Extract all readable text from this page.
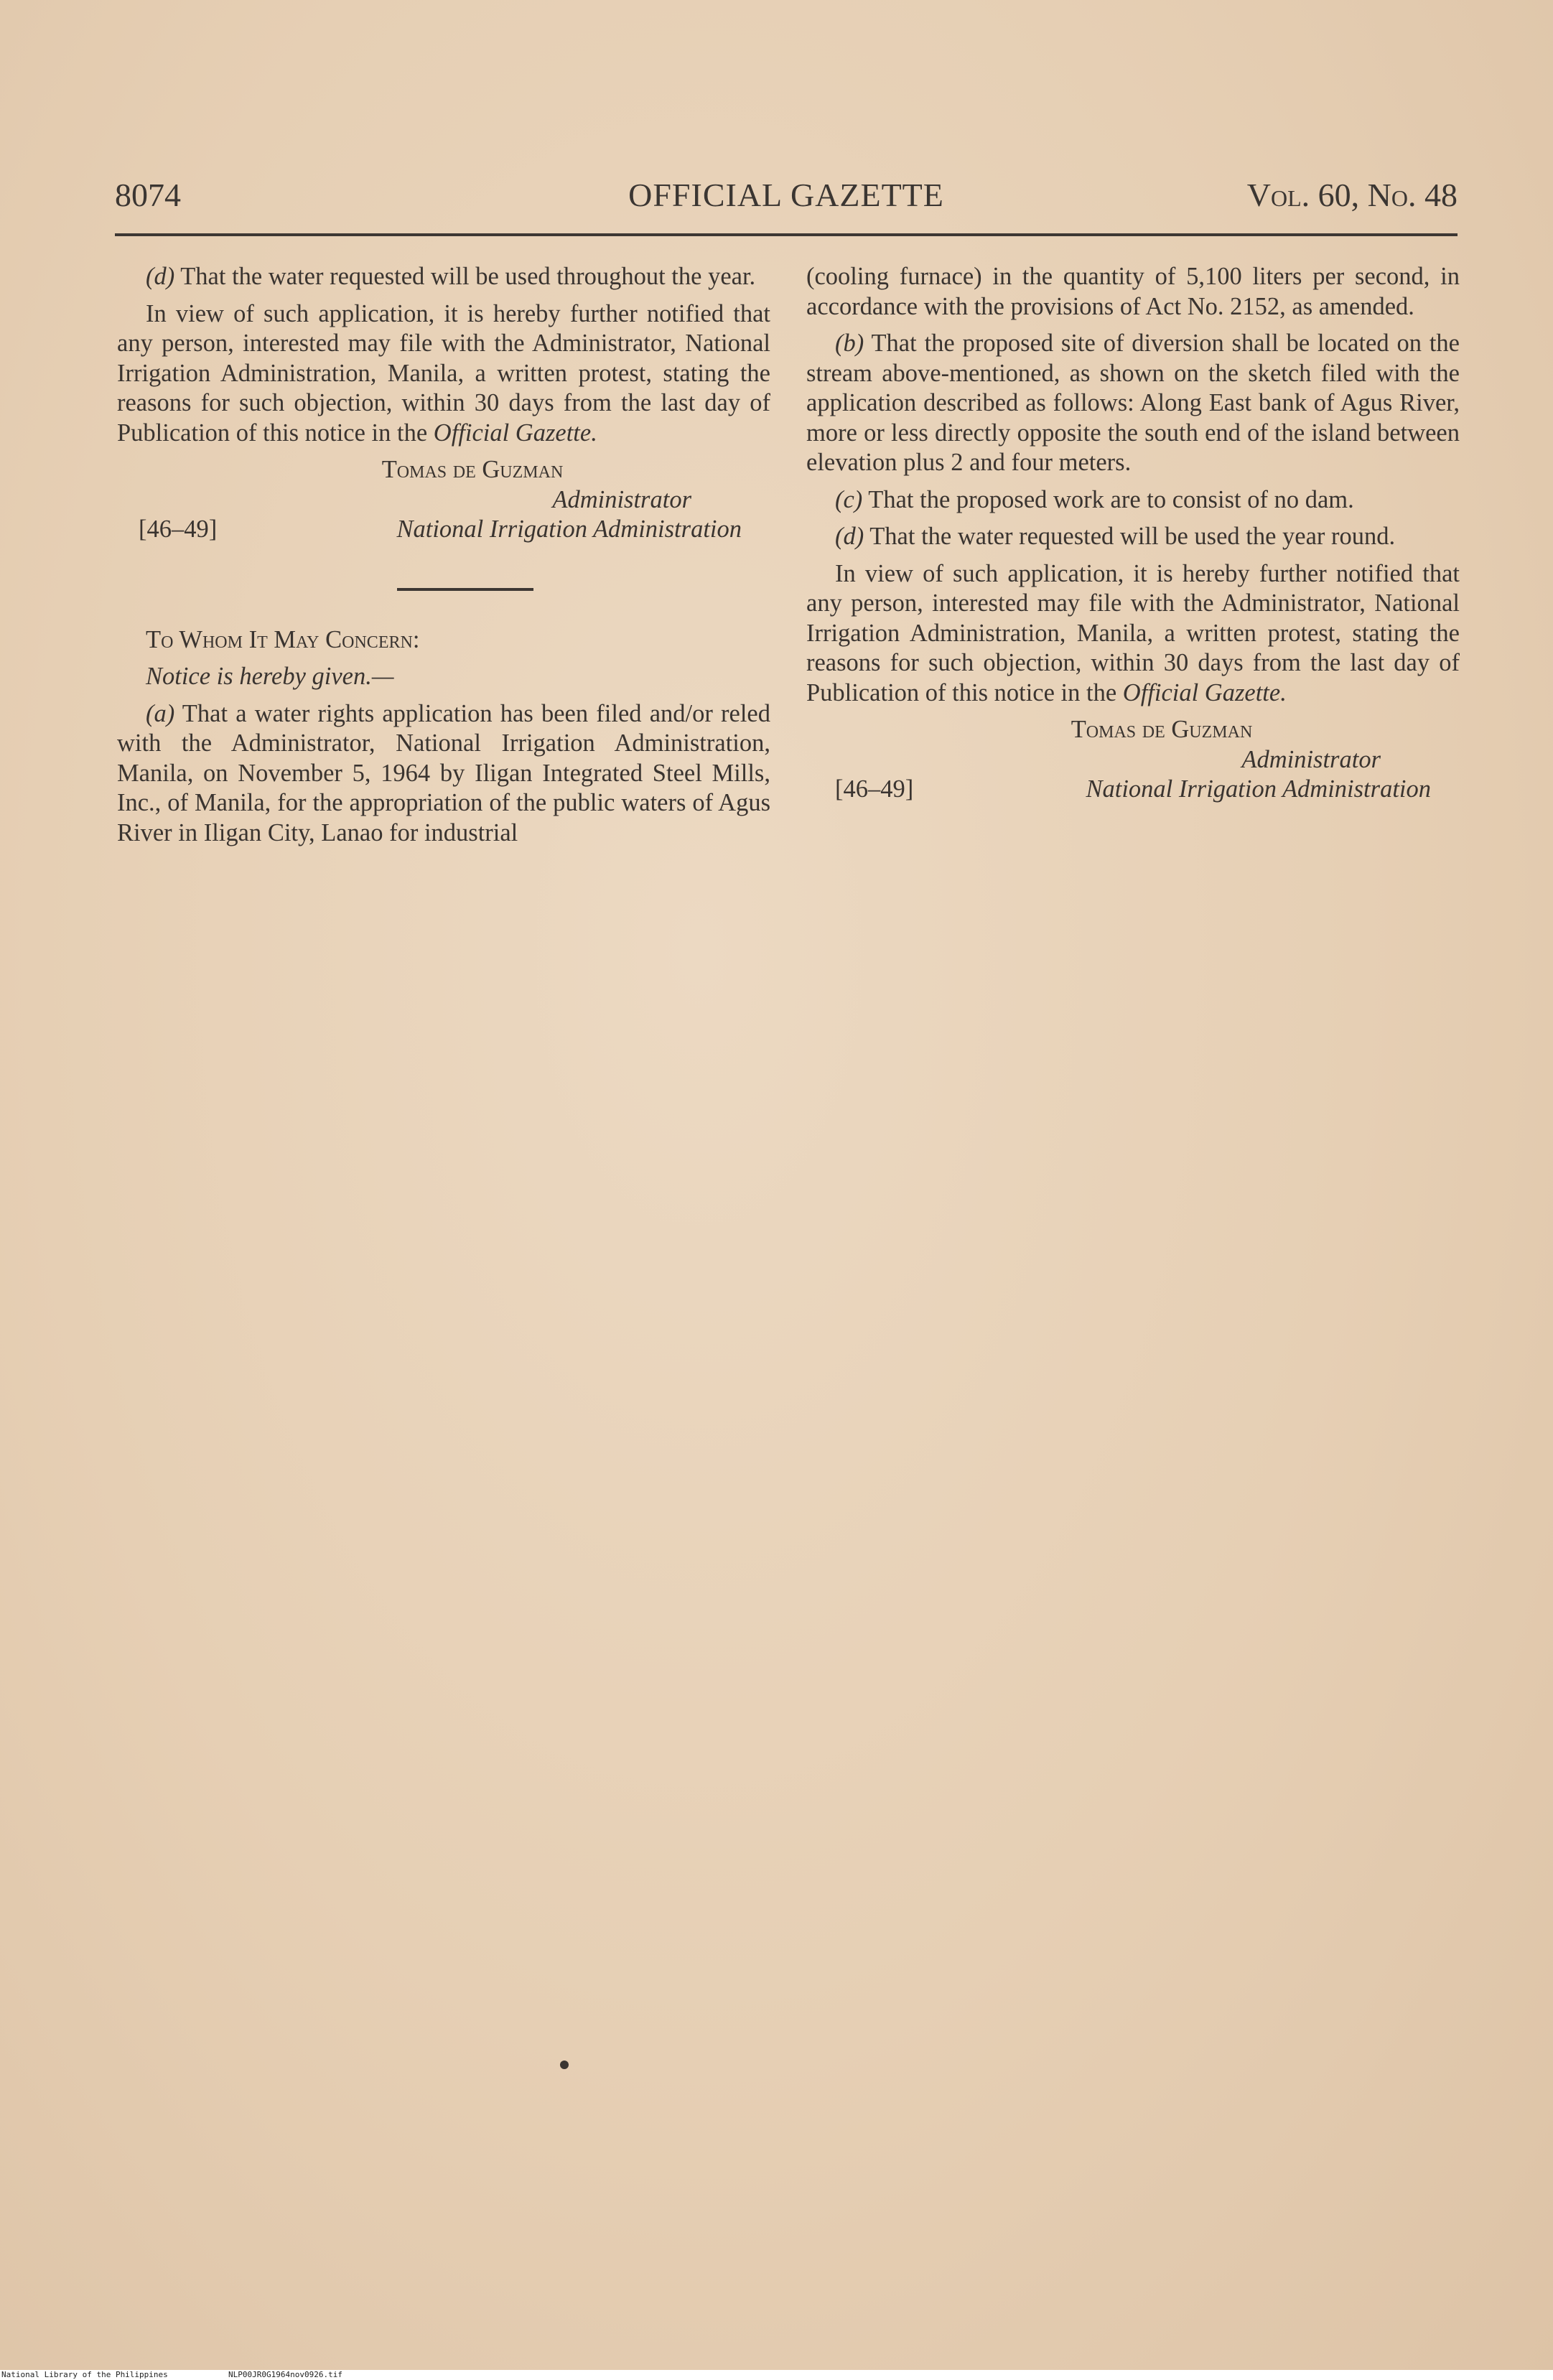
8074	OFFICIAL GAZETTE	Vol. 60, No. 48

(d) That the water requested will be used throughout the year.

In view of such application, it is hereby further notified that any person, interested may file with the Administrator, National Irrigation Administration, Manila, a written protest, stating the reasons for such objection, within 30 days from the last day of Publication of this notice in the Official Gazette.

Tomas de Guzman
Administrator
[46–49]	National Irrigation Administration

To Whom It May Concern:

Notice is hereby given.—

(a) That a water rights application has been filed and/or reled with the Administrator, National Irrigation Administration, Manila, on November 5, 1964 by Iligan Integrated Steel Mills, Inc., of Manila, for the appropriation of the public waters of Agus River in Iligan City, Lanao for industrial

(cooling furnace) in the quantity of 5,100 liters per second, in accordance with the provisions of Act No. 2152, as amended.

(b) That the proposed site of diversion shall be located on the stream above-mentioned, as shown on the sketch filed with the application described as follows: Along East bank of Agus River, more or less directly opposite the south end of the island between elevation plus 2 and four meters.

(c) That the proposed work are to consist of no dam.

(d) That the water requested will be used the year round.

In view of such application, it is hereby further notified that any person, interested may file with the Administrator, National Irrigation Administration, Manila, a written protest, stating the reasons for such objection, within 30 days from the last day of Publication of this notice in the Official Gazette.

Tomas de Guzman
Administrator
[46–49]	National Irrigation Administration
National Library of the Philippines	NLP00JR0G1964nov0926.tif
